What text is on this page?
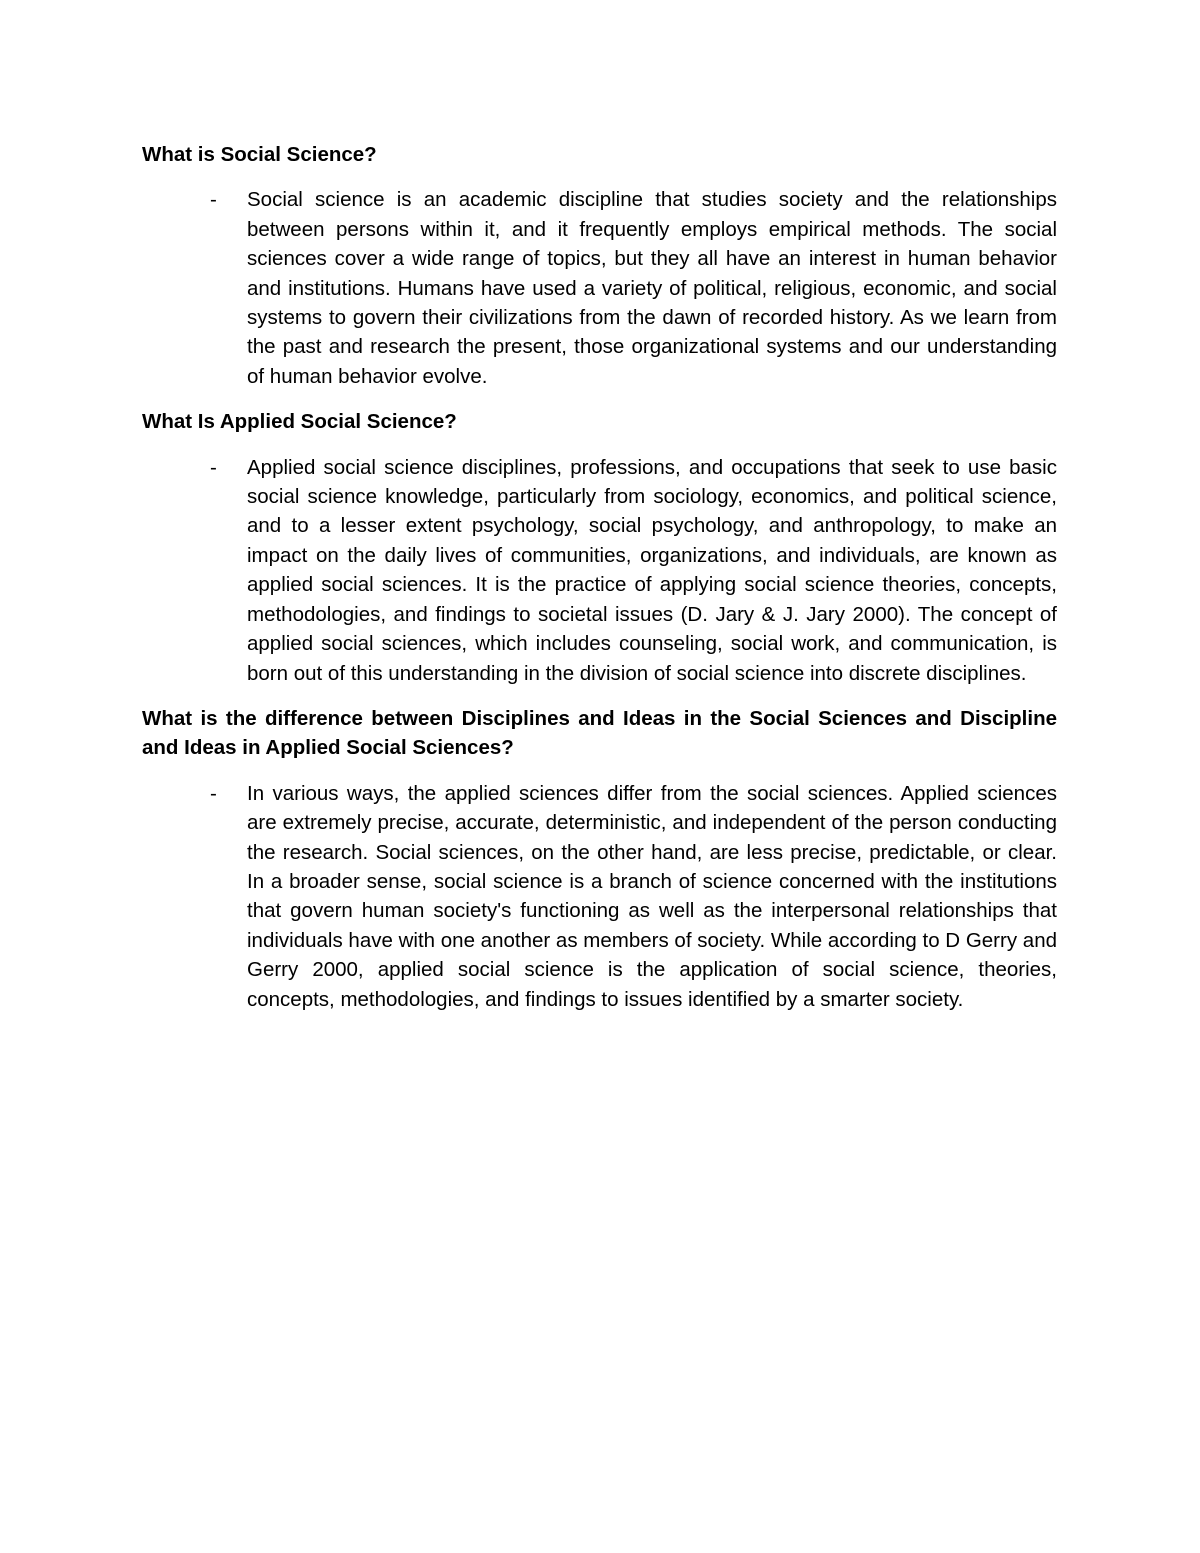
What is Social Science?
- Social science is an academic discipline that studies society and the relationships between persons within it, and it frequently employs empirical methods. The social sciences cover a wide range of topics, but they all have an interest in human behavior and institutions. Humans have used a variety of political, religious, economic, and social systems to govern their civilizations from the dawn of recorded history. As we learn from the past and research the present, those organizational systems and our understanding of human behavior evolve.

What Is Applied Social Science?
- Applied social science disciplines, professions, and occupations that seek to use basic social science knowledge, particularly from sociology, economics, and political science, and to a lesser extent psychology, social psychology, and anthropology, to make an impact on the daily lives of communities, organizations, and individuals, are known as applied social sciences. It is the practice of applying social science theories, concepts, methodologies, and findings to societal issues (D. Jary & J. Jary 2000). The concept of applied social sciences, which includes counseling, social work, and communication, is born out of this understanding in the division of social science into discrete disciplines.

What is the difference between Disciplines and Ideas in the Social Sciences and Discipline and Ideas in Applied Social Sciences?
- In various ways, the applied sciences differ from the social sciences. Applied sciences are extremely precise, accurate, deterministic, and independent of the person conducting the research. Social sciences, on the other hand, are less precise, predictable, or clear. In a broader sense, social science is a branch of science concerned with the institutions that govern human society's functioning as well as the interpersonal relationships that individuals have with one another as members of society. While according to D Gerry and Gerry 2000, applied social science is the application of social science, theories, concepts, methodologies, and findings to issues identified by a smarter society.
